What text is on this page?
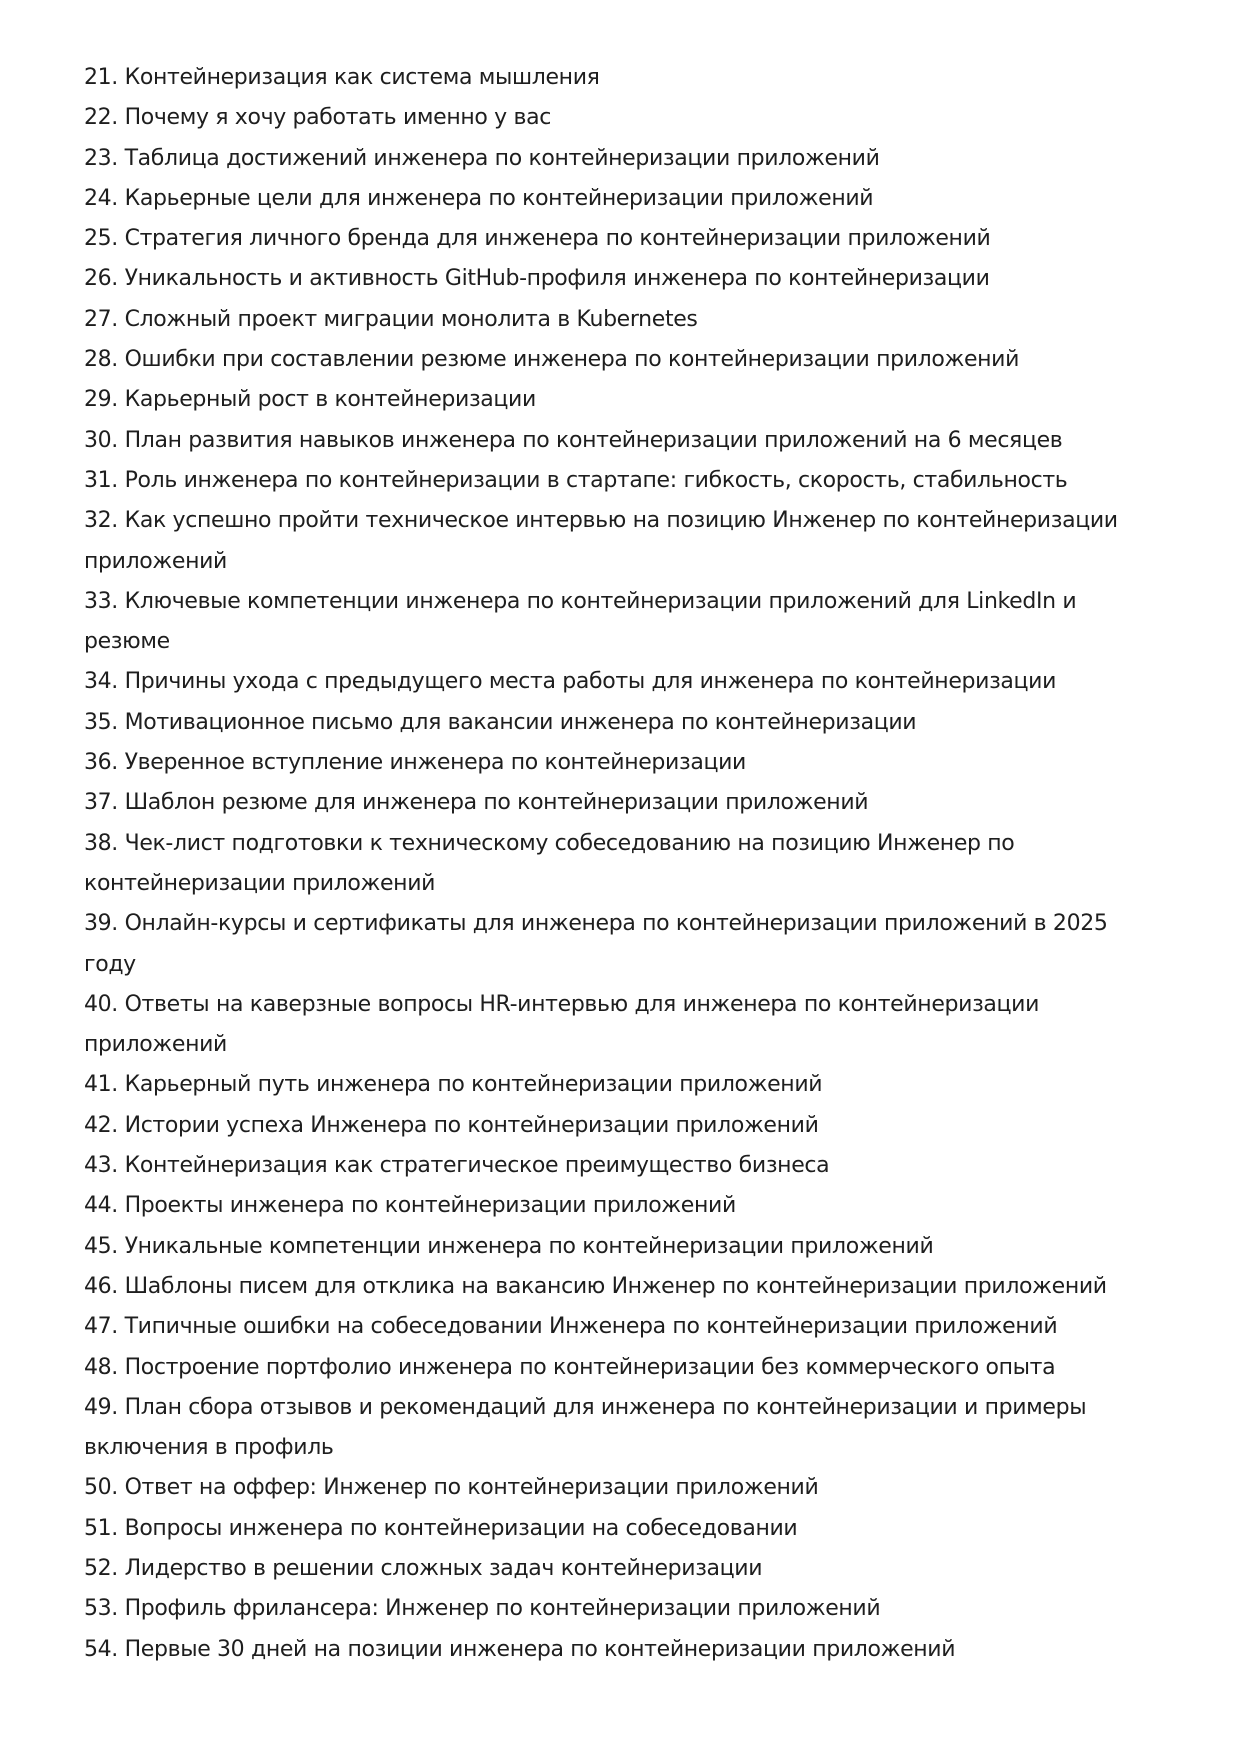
21. Контейнеризация как система мышления
22. Почему я хочу работать именно у вас
23. Таблица достижений инженера по контейнеризации приложений
24. Карьерные цели для инженера по контейнеризации приложений
25. Стратегия личного бренда для инженера по контейнеризации приложений
26. Уникальность и активность GitHub-профиля инженера по контейнеризации
27. Сложный проект миграции монолита в Kubernetes
28. Ошибки при составлении резюме инженера по контейнеризации приложений
29. Карьерный рост в контейнеризации
30. План развития навыков инженера по контейнеризации приложений на 6 месяцев
31. Роль инженера по контейнеризации в стартапе: гибкость, скорость, стабильность
32. Как успешно пройти техническое интервью на позицию Инженер по контейнеризации приложений
33. Ключевые компетенции инженера по контейнеризации приложений для LinkedIn и резюме
34. Причины ухода с предыдущего места работы для инженера по контейнеризации
35. Мотивационное письмо для вакансии инженера по контейнеризации
36. Уверенное вступление инженера по контейнеризации
37. Шаблон резюме для инженера по контейнеризации приложений
38. Чек-лист подготовки к техническому собеседованию на позицию Инженер по контейнеризации приложений
39. Онлайн-курсы и сертификаты для инженера по контейнеризации приложений в 2025 году
40. Ответы на каверзные вопросы HR-интервью для инженера по контейнеризации приложений
41. Карьерный путь инженера по контейнеризации приложений
42. Истории успеха Инженера по контейнеризации приложений
43. Контейнеризация как стратегическое преимущество бизнеса
44. Проекты инженера по контейнеризации приложений
45. Уникальные компетенции инженера по контейнеризации приложений
46. Шаблоны писем для отклика на вакансию Инженер по контейнеризации приложений
47. Типичные ошибки на собеседовании Инженера по контейнеризации приложений
48. Построение портфолио инженера по контейнеризации без коммерческого опыта
49. План сбора отзывов и рекомендаций для инженера по контейнеризации и примеры включения в профиль
50. Ответ на оффер: Инженер по контейнеризации приложений
51. Вопросы инженера по контейнеризации на собеседовании
52. Лидерство в решении сложных задач контейнеризации
53. Профиль фрилансера: Инженер по контейнеризации приложений
54. Первые 30 дней на позиции инженера по контейнеризации приложений
